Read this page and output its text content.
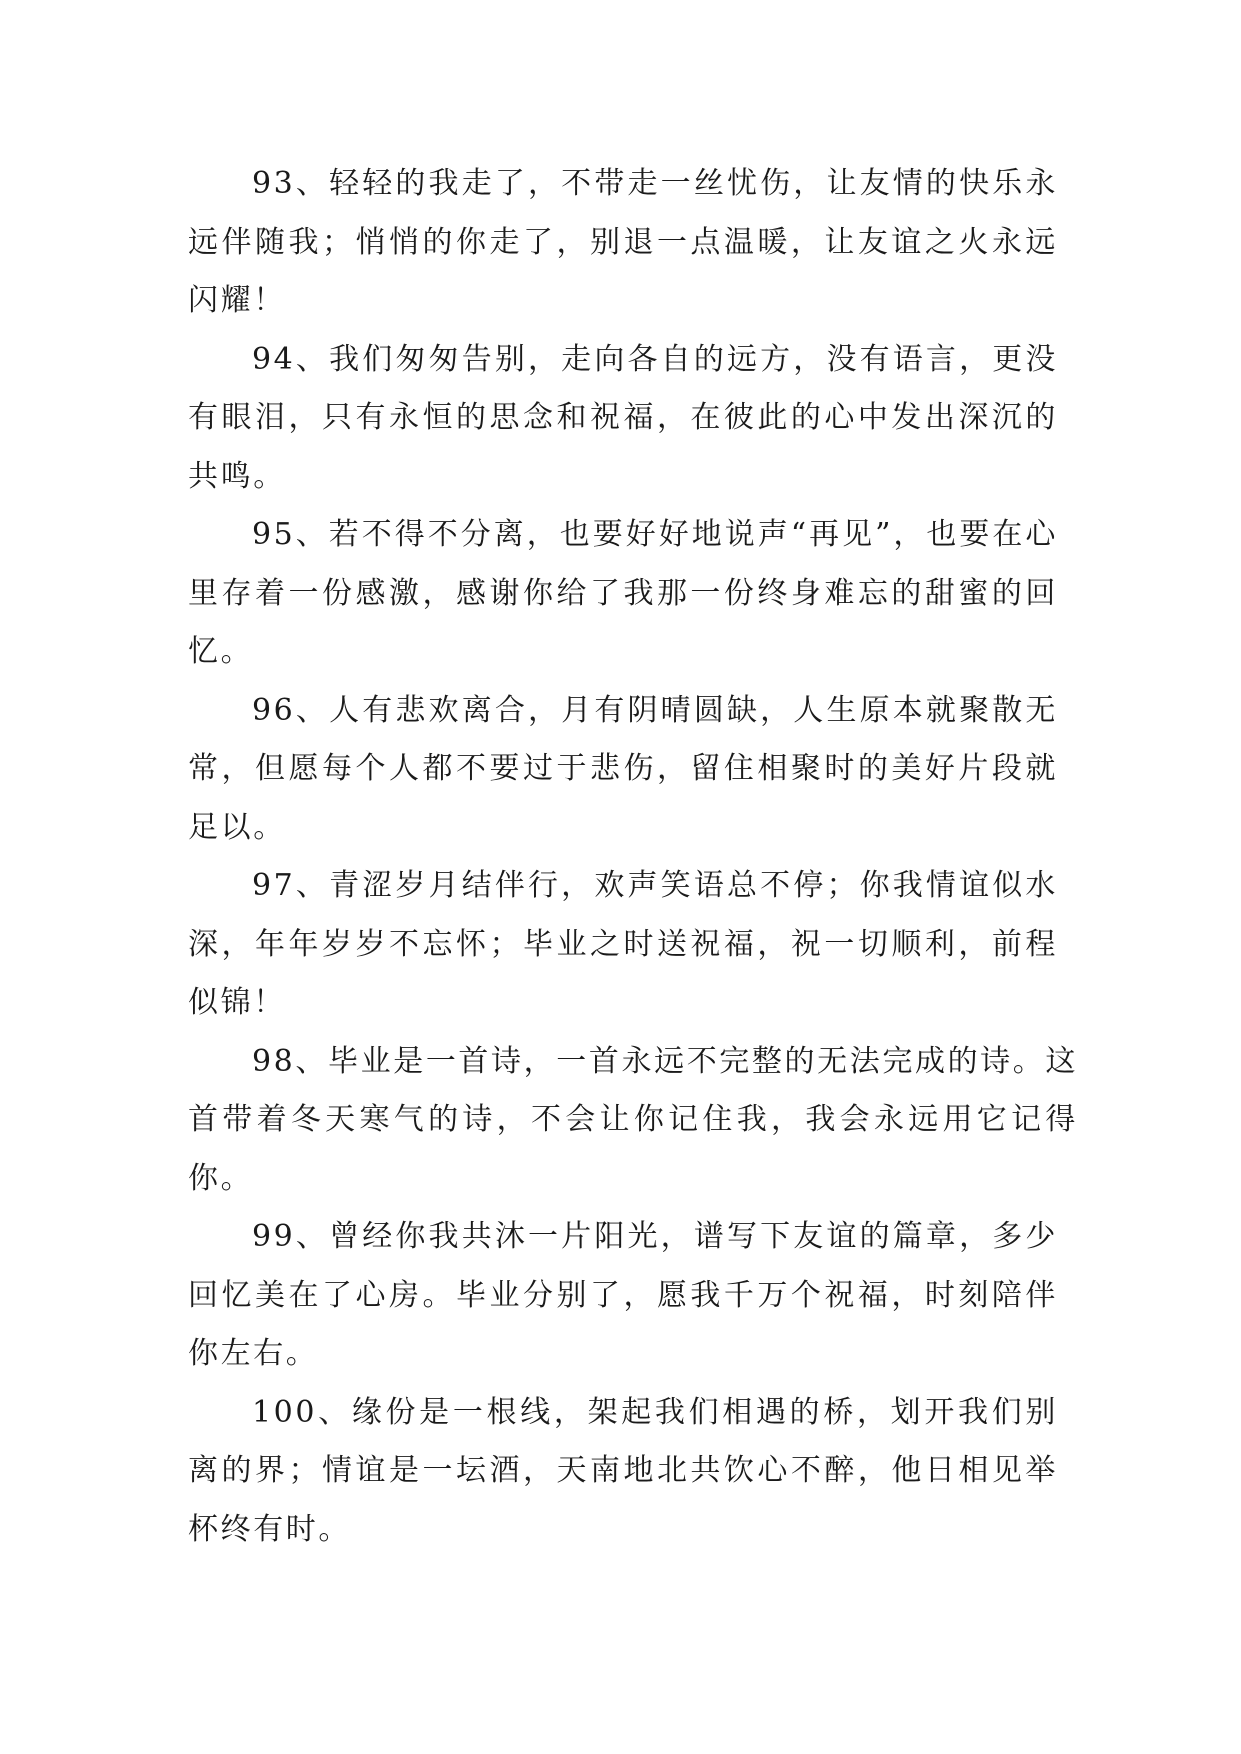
93、轻轻的我走了，不带走一丝忧伤，让友情的快乐永远伴随我；悄悄的你走了，别退一点温暖，让友谊之火永远闪耀！

94、我们匆匆告别，走向各自的远方，没有语言，更没有眼泪，只有永恒的思念和祝福，在彼此的心中发出深沉的共鸣。

95、若不得不分离，也要好好地说声“再见”，也要在心里存着一份感激，感谢你给了我那一份终身难忘的甜蜜的回忆。

96、人有悲欢离合，月有阴晴圆缺，人生原本就聚散无常，但愿每个人都不要过于悲伤，留住相聚时的美好片段就足以。

97、青涩岁月结伴行，欢声笑语总不停；你我情谊似水深，年年岁岁不忘怀；毕业之时送祝福，祝一切顺利，前程似锦！

98、毕业是一首诗，一首永远不完整的无法完成的诗。这首带着冬天寒气的诗，不会让你记住我，我会永远用它记得你。

99、曾经你我共沐一片阳光，谱写下友谊的篇章，多少回忆美在了心房。毕业分别了，愿我千万个祝福，时刻陪伴你左右。

100、缘份是一根线，架起我们相遇的桥，划开我们别离的界；情谊是一坛酒，天南地北共饮心不醉，他日相见举杯终有时。
